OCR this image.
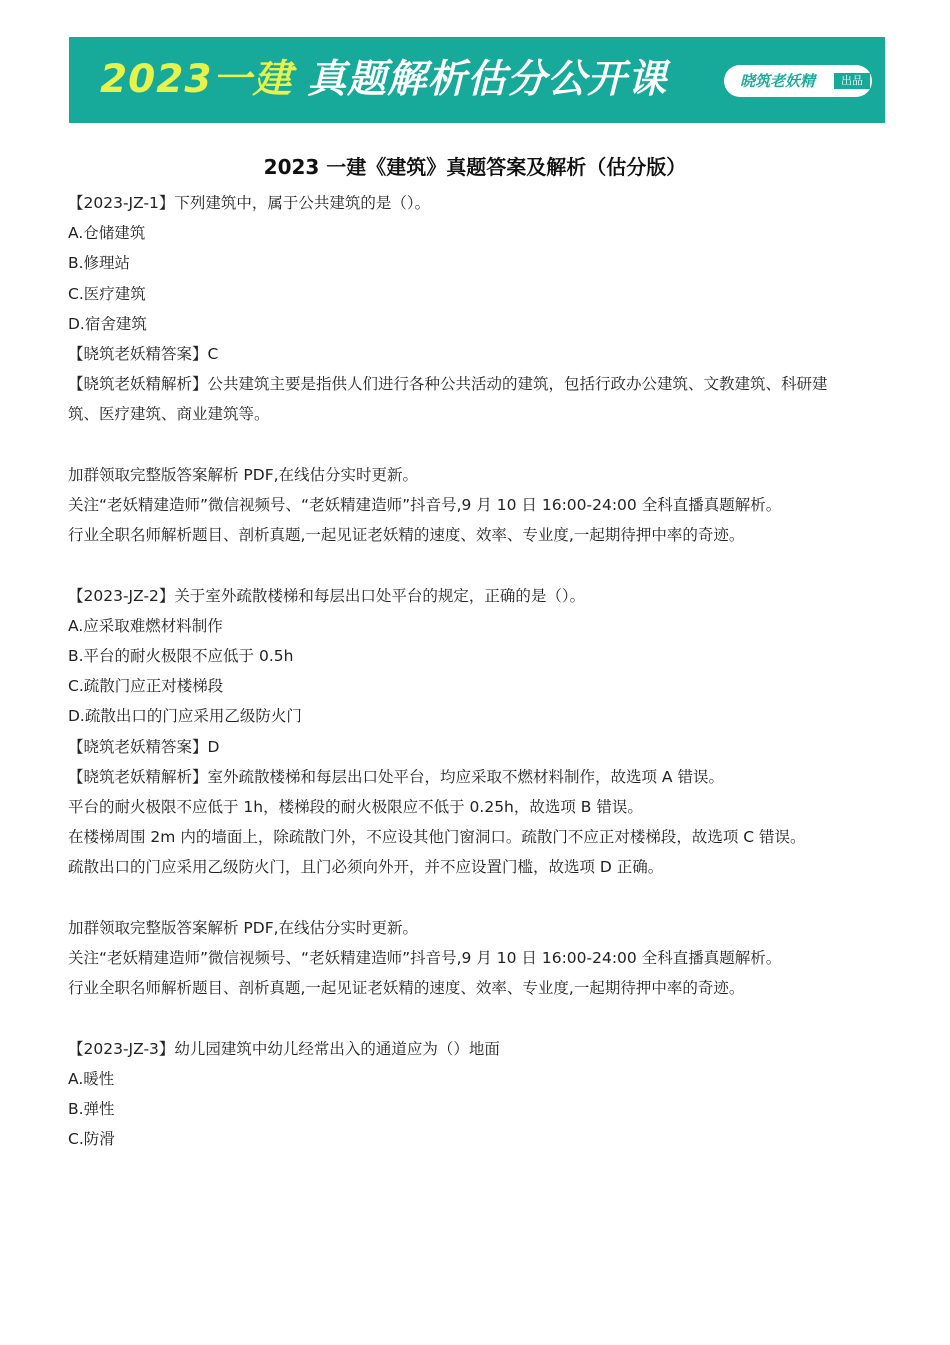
2023一建 真题解析估分公开课	晓筑老妖精	出品
2023 一建《建筑》真题答案及解析（估分版）
【2023-JZ-1】下列建筑中，属于公共建筑的是（）。
A.仓储建筑
B.修理站
C.医疗建筑
D.宿舍建筑
【晓筑老妖精答案】C
【晓筑老妖精解析】公共建筑主要是指供人们进行各种公共活动的建筑，包括行政办公建筑、文教建筑、科研建
筑、医疗建筑、商业建筑等。
加群领取完整版答案解析 PDF,在线估分实时更新。
关注“老妖精建造师”微信视频号、“老妖精建造师”抖音号,9 月 10 日 16:00-24:00 全科直播真题解析。
行业全职名师解析题目、剖析真题,一起见证老妖精的速度、效率、专业度,一起期待押中率的奇迹。
【2023-JZ-2】关于室外疏散楼梯和每层出口处平台的规定，正确的是（）。
A.应采取难燃材料制作
B.平台的耐火极限不应低于 0.5h
C.疏散门应正对楼梯段
D.疏散出口的门应采用乙级防火门
【晓筑老妖精答案】D
【晓筑老妖精解析】室外疏散楼梯和每层出口处平台，均应采取不燃材料制作，故选项 A 错误。
平台的耐火极限不应低于 1h，楼梯段的耐火极限应不低于 0.25h，故选项 B 错误。
在楼梯周围 2m 内的墙面上，除疏散门外，不应设其他门窗洞口。疏散门不应正对楼梯段，故选项 C 错误。
疏散出口的门应采用乙级防火门，且门必须向外开，并不应设置门槛，故选项 D 正确。
加群领取完整版答案解析 PDF,在线估分实时更新。
关注“老妖精建造师”微信视频号、“老妖精建造师”抖音号,9 月 10 日 16:00-24:00 全科直播真题解析。
行业全职名师解析题目、剖析真题,一起见证老妖精的速度、效率、专业度,一起期待押中率的奇迹。
【2023-JZ-3】幼儿园建筑中幼儿经常出入的通道应为（）地面
A.暖性
B.弹性
C.防滑
